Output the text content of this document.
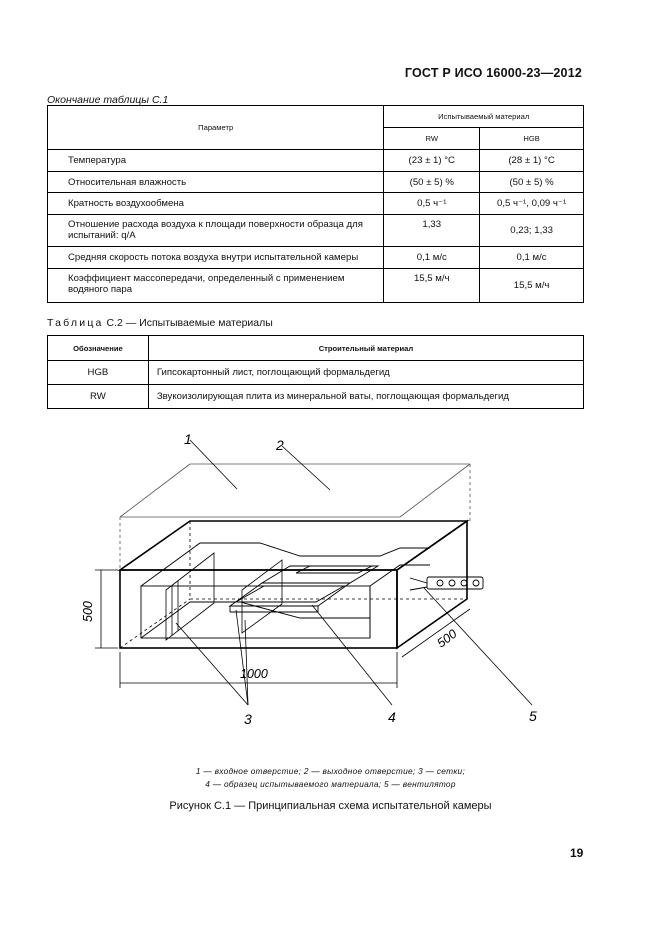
ГОСТ Р ИСО 16000-23—2012
Окончание таблицы С.1
Параметр	Испытываемый материал	
	RW	HGB
Температура	(23 ± 1) °С	(28 ± 1) °С
Относительная влажность	(50 ± 5) %	(50 ± 5) %
Кратность воздухообмена	0,5 ч⁻¹	0,5 ч⁻¹, 0,09 ч⁻¹
Отношение расхода воздуха к площади поверхности образца для испытаний: q/A	1,33	0,23; 1,33
Средняя скорость потока воздуха внутри испытательной камеры	0,1 м/с	0,1 м/с
Коэффициент массопередачи, определенный с применением водяного пара	15,5 м/ч	15,5 м/ч
Таблица С.2 — Испытываемые материалы
Обозначение	Строительный материал
HGB	Гипсокартонный лист, поглощающий формальдегид
RW	Звукоизолирующая плита из минеральной ваты, поглощающая формальдегид
1	2
3	4	5
500
1000
500
1 — входное отверстие; 2 — выходное отверстие; 3 — сетки;
4 — образец испытываемого материала; 5 — вентилятор
Рисунок С.1 — Принципиальная схема испытательной камеры
19
